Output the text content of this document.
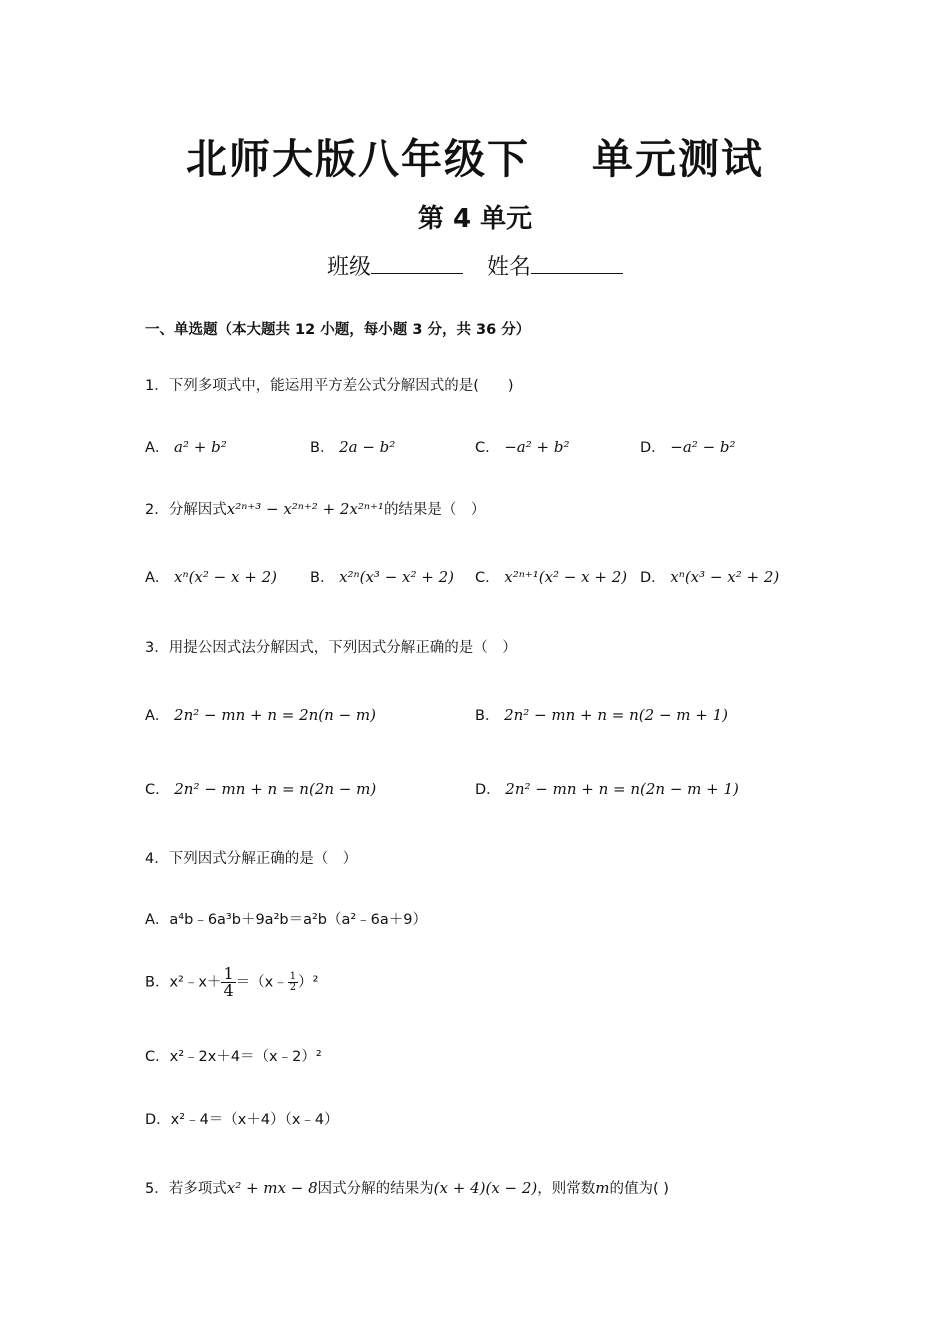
北师大版八年级下 单元测试
第 4 单元
班级	姓名
一、单选题（本大题共 12 小题，每小题 3 分，共 36 分）
1．下列多项式中，能运用平方差公式分解因式的是(　　)
A． a² + b²	B． 2a − b²	C． −a² + b²	D． −a² − b²
2．分解因式x²ⁿ⁺³ − x²ⁿ⁺² + 2x²ⁿ⁺¹的结果是（　）
A． xⁿ(x² − x + 2) B． x²ⁿ(x³ − x² + 2) C． x²ⁿ⁺¹(x² − x + 2) D． xⁿ(x³ − x² + 2)
3．用提公因式法分解因式，下列因式分解正确的是（　）
A． 2n² − mn + n = 2n(n − m)	B． 2n² − mn + n = n(2 − m + 1)
C． 2n² − mn + n = n(2n − m)	D． 2n² − mn + n = n(2n − m + 1)
4．下列因式分解正确的是（　）
A．a⁴b﹣6a³b＋9a²b＝a²b（a²﹣6a＋9）
B．x²﹣x＋ $\frac{1}{4}$ ＝（x﹣ $\frac{1}{2} )^2$
C．x²﹣2x＋4＝（x﹣2）²
D．x²﹣4＝（x＋4）（x﹣4）
5．若多项式x² + mx − 8因式分解的结果为(x + 4)(x − 2)，则常数m的值为( )
